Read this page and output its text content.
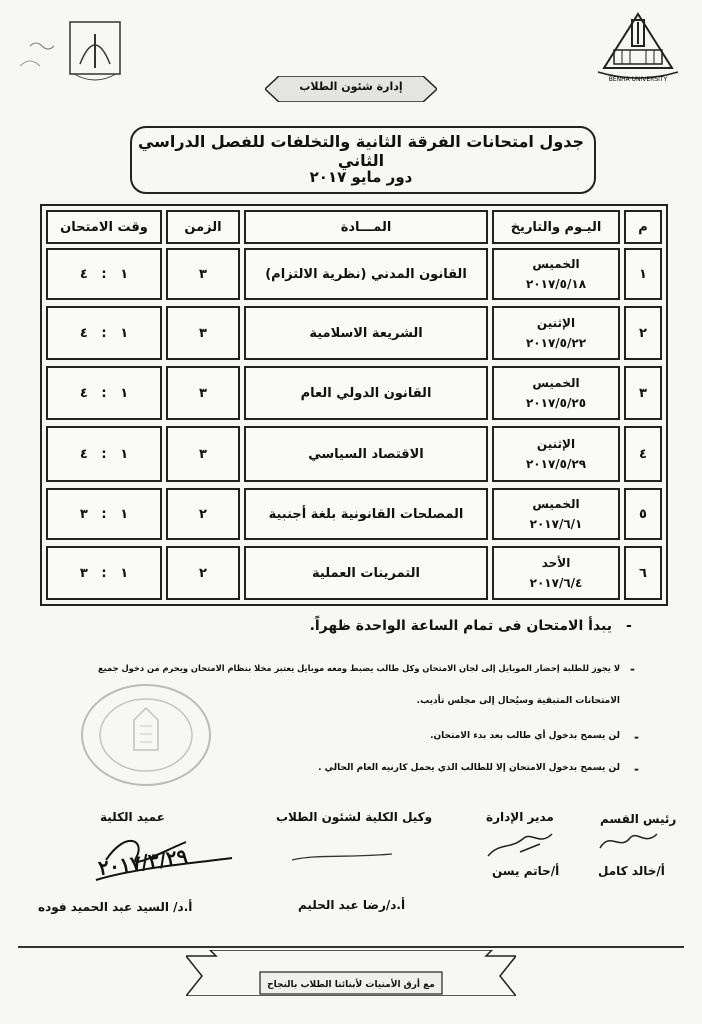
BENHA UNIVERSITY
إدارة شئون الطلاب
جدول امتحانات الفرقة الثانية والتخلفات للفصل الدراسي الثاني
دور مايو ٢٠١٧
م
اليـوم والتاريخ
المـــادة
الزمن
وقت الامتحان
١
الخميس
٢٠١٧/٥/١٨
القانون المدني (نظرية الالتزام)
٣
١   :   ٤
٢
الإثنين
٢٠١٧/٥/٢٢
الشريعة الاسلامية
٣
١   :   ٤
٣
الخميس
٢٠١٧/٥/٢٥
القانون الدولي العام
٣
١   :   ٤
٤
الإثنين
٢٠١٧/٥/٢٩
الاقتصاد السياسي
٣
١   :   ٤
٥
الخميس
٢٠١٧/٦/١
المصلحات القانونية بلغة أجنبية
٢
١   :   ٣
٦
الأحد
٢٠١٧/٦/٤
التمرينات العملية
٢
١   :   ٣
-
يبدأ الامتحان فى تمام الساعة الواحدة ظهراً.
-
لا يجوز للطلبة إحضار الموبايل إلى لجان الامتحان وكل طالب يضبط ومعه موبايل يعتبر مخلا بنظام الامتحان ويحرم من دخول جميع
الامتحانات المتبقية وسيُحال إلى مجلس تأديب.
-
لن يسمح بدخول أي طالب بعد بدء الامتحان.
-
لن يسمح بدخول الامتحان إلا للطالب الذي يحمل كارنيه العام الحالي .
رئيس القسم
مدير الإدارة
وكيل الكلية لشئون الطلاب
عميد الكلية
٢٠١٧/٣/٢٩	أ/خالد كامل
أ/حاتم يسن
أ.د/رضا عبد الحليم
أ.د/ السيد عبد الحميد فوده
مع أرق الأمنيات لأبنائنا الطلاب بالنجاح
